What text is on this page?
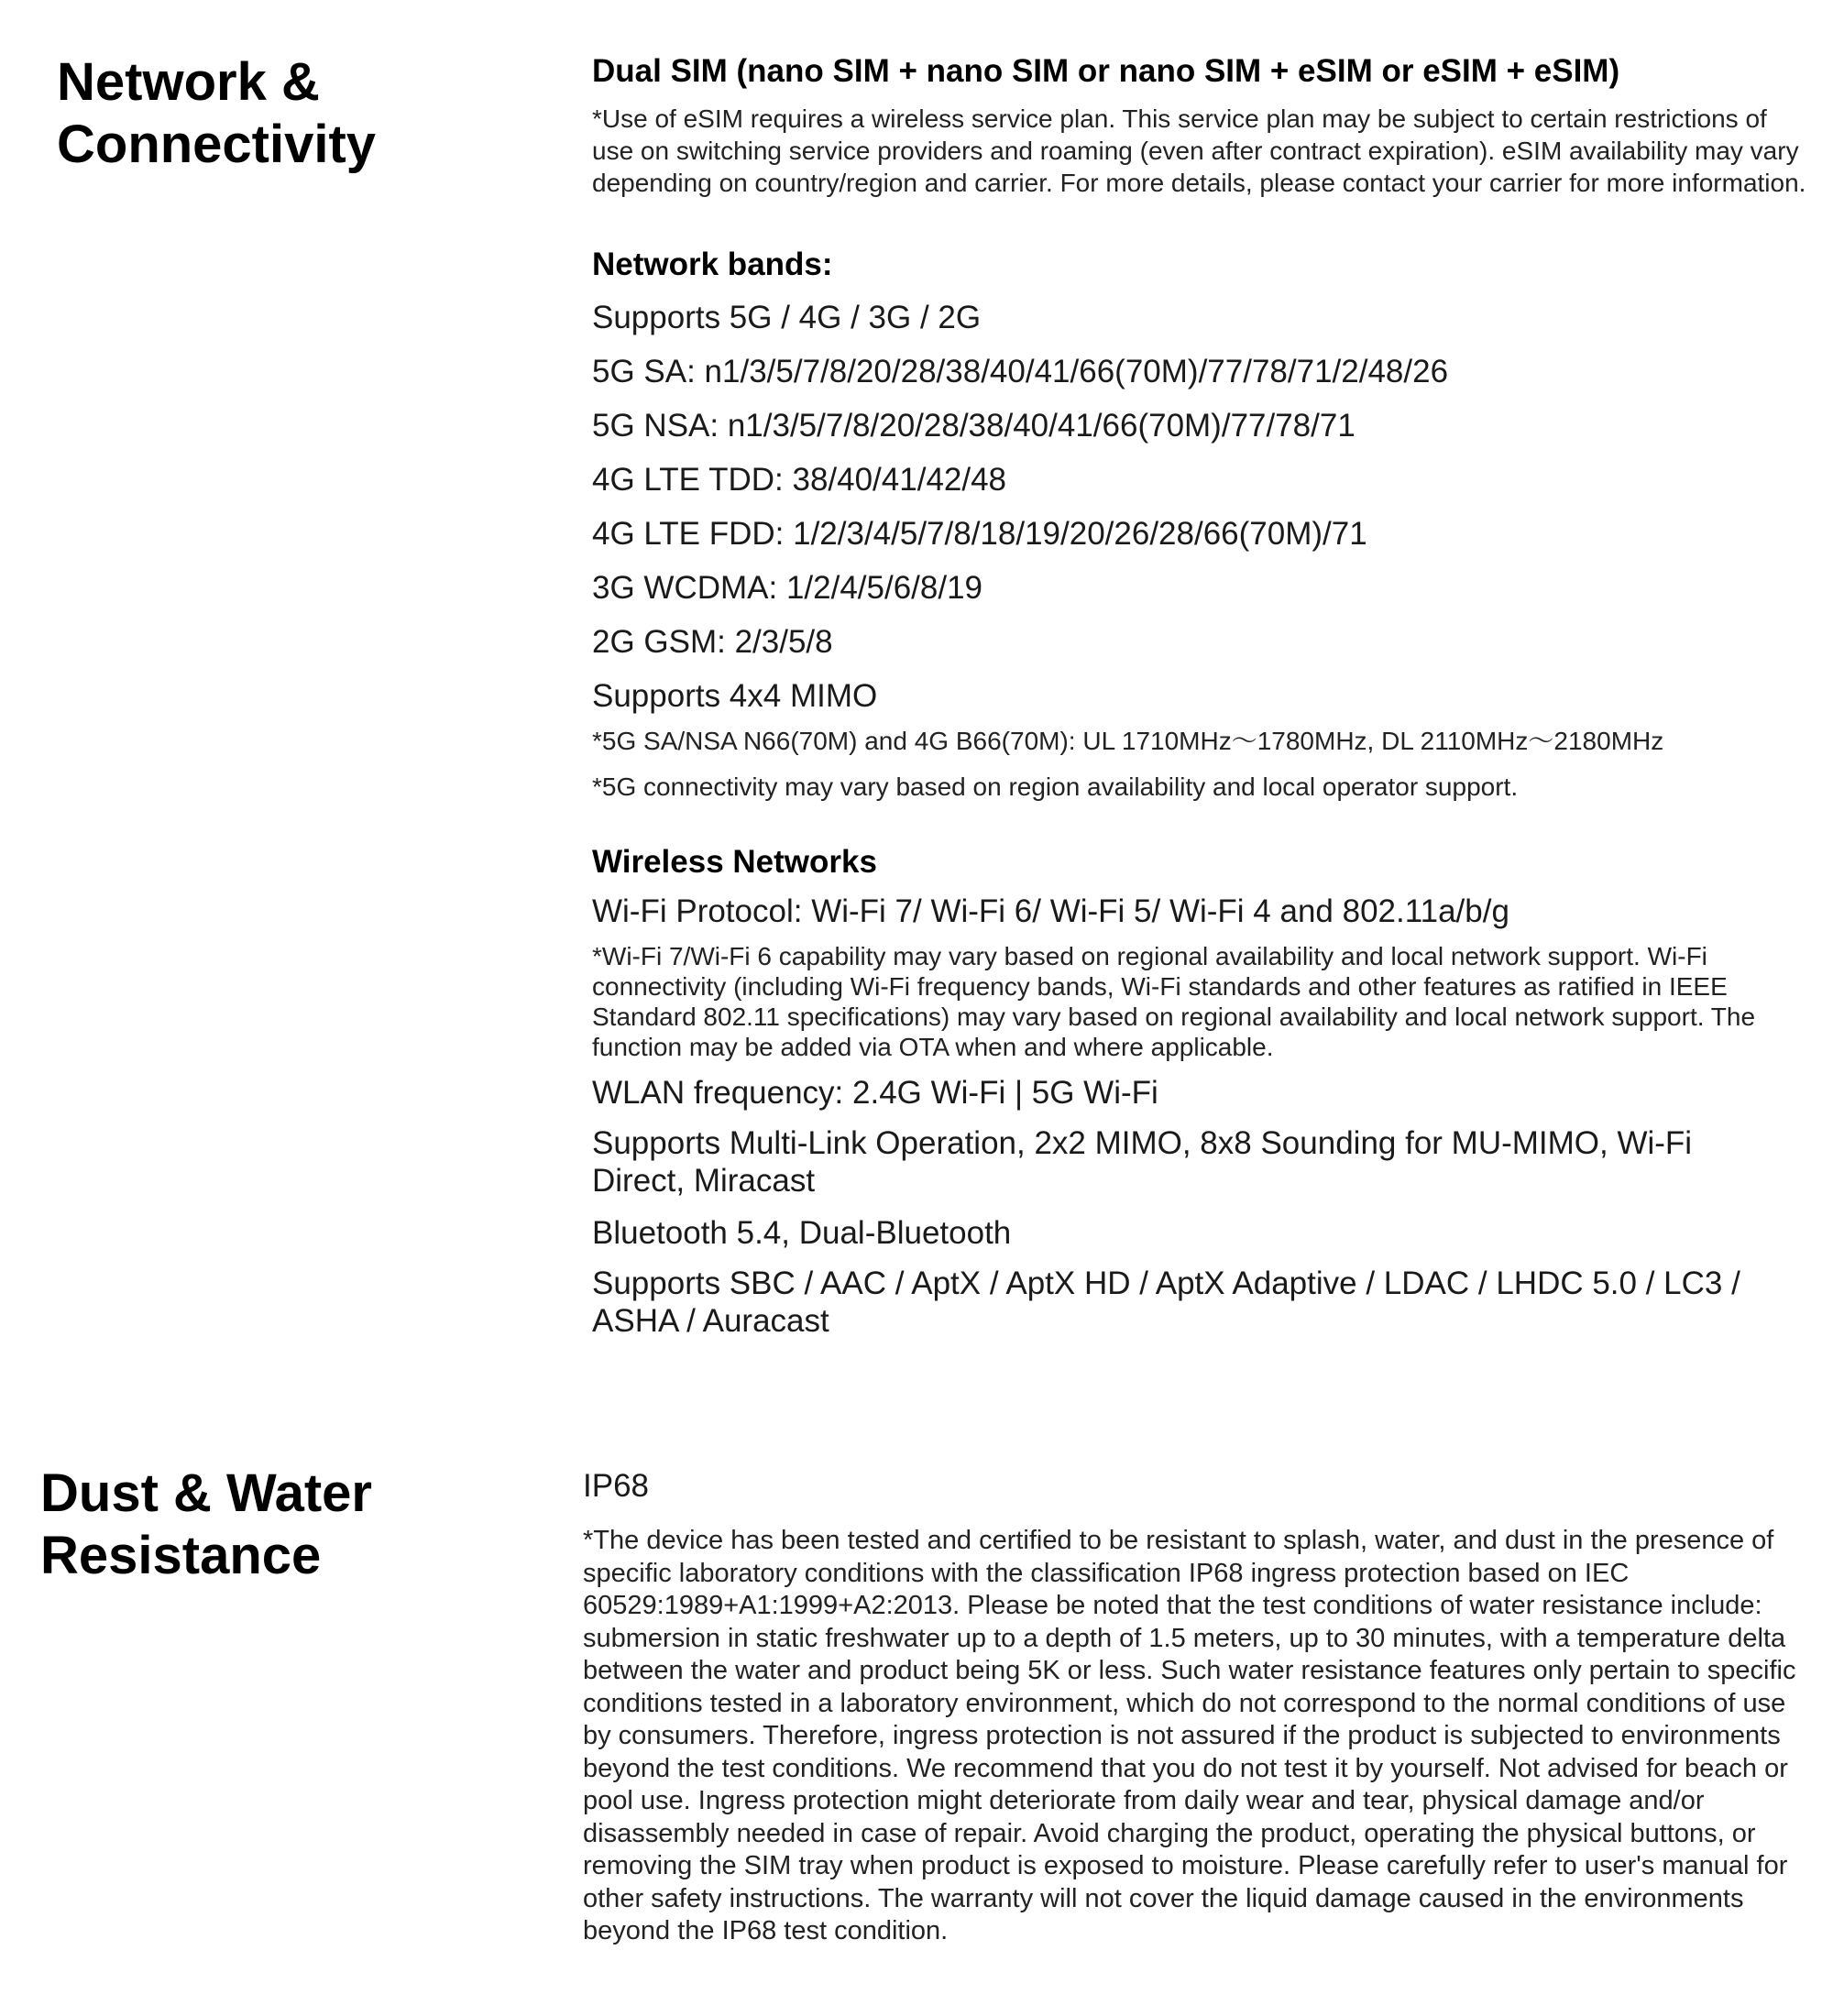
Network &
Connectivity
Dual SIM (nano SIM + nano SIM or nano SIM + eSIM or eSIM + eSIM)

*Use of eSIM requires a wireless service plan. This service plan may be subject to certain restrictions of use on switching service providers and roaming (even after contract expiration). eSIM availability may vary depending on country/region and carrier. For more details, please contact your carrier for more information.

Network bands:
Supports 5G / 4G / 3G / 2G
5G SA: n1/3/5/7/8/20/28/38/40/41/66(70M)/77/78/71/2/48/26
5G NSA: n1/3/5/7/8/20/28/38/40/41/66(70M)/77/78/71
4G LTE TDD: 38/40/41/42/48
4G LTE FDD: 1/2/3/4/5/7/8/18/19/20/26/28/66(70M)/71
3G WCDMA: 1/2/4/5/6/8/19
2G GSM: 2/3/5/8
Supports 4x4 MIMO

*5G SA/NSA N66(70M) and 4G B66(70M): UL 1710MHz～1780MHz, DL 2110MHz～2180MHz

*5G connectivity may vary based on region availability and local operator support.

Wireless Networks
Wi-Fi Protocol: Wi-Fi 7/ Wi-Fi 6/ Wi-Fi 5/ Wi-Fi 4 and 802.11a/b/g

*Wi-Fi 7/Wi-Fi 6 capability may vary based on regional availability and local network support. Wi-Fi connectivity (including Wi-Fi frequency bands, Wi-Fi standards and other features as ratified in IEEE Standard 802.11 specifications) may vary based on regional availability and local network support. The function may be added via OTA when and where applicable.

WLAN frequency: 2.4G Wi-Fi | 5G Wi-Fi
Supports Multi-Link Operation, 2x2 MIMO, 8x8 Sounding for MU-MIMO, Wi-Fi Direct, Miracast
Bluetooth 5.4, Dual-Bluetooth
Supports SBC / AAC / AptX / AptX HD / AptX Adaptive / LDAC / LHDC 5.0 / LC3 / ASHA / Auracast
Dust & Water
Resistance
IP68

*The device has been tested and certified to be resistant to splash, water, and dust in the presence of specific laboratory conditions with the classification IP68 ingress protection based on IEC 60529:1989+A1:1999+A2:2013. Please be noted that the test conditions of water resistance include: submersion in static freshwater up to a depth of 1.5 meters, up to 30 minutes, with a temperature delta between the water and product being 5K or less. Such water resistance features only pertain to specific conditions tested in a laboratory environment, which do not correspond to the normal conditions of use by consumers. Therefore, ingress protection is not assured if the product is subjected to environments beyond the test conditions. We recommend that you do not test it by yourself. Not advised for beach or pool use. Ingress protection might deteriorate from daily wear and tear, physical damage and/or disassembly needed in case of repair. Avoid charging the product, operating the physical buttons, or removing the SIM tray when product is exposed to moisture. Please carefully refer to user's manual for other safety instructions. The warranty will not cover the liquid damage caused in the environments beyond the IP68 test condition.
